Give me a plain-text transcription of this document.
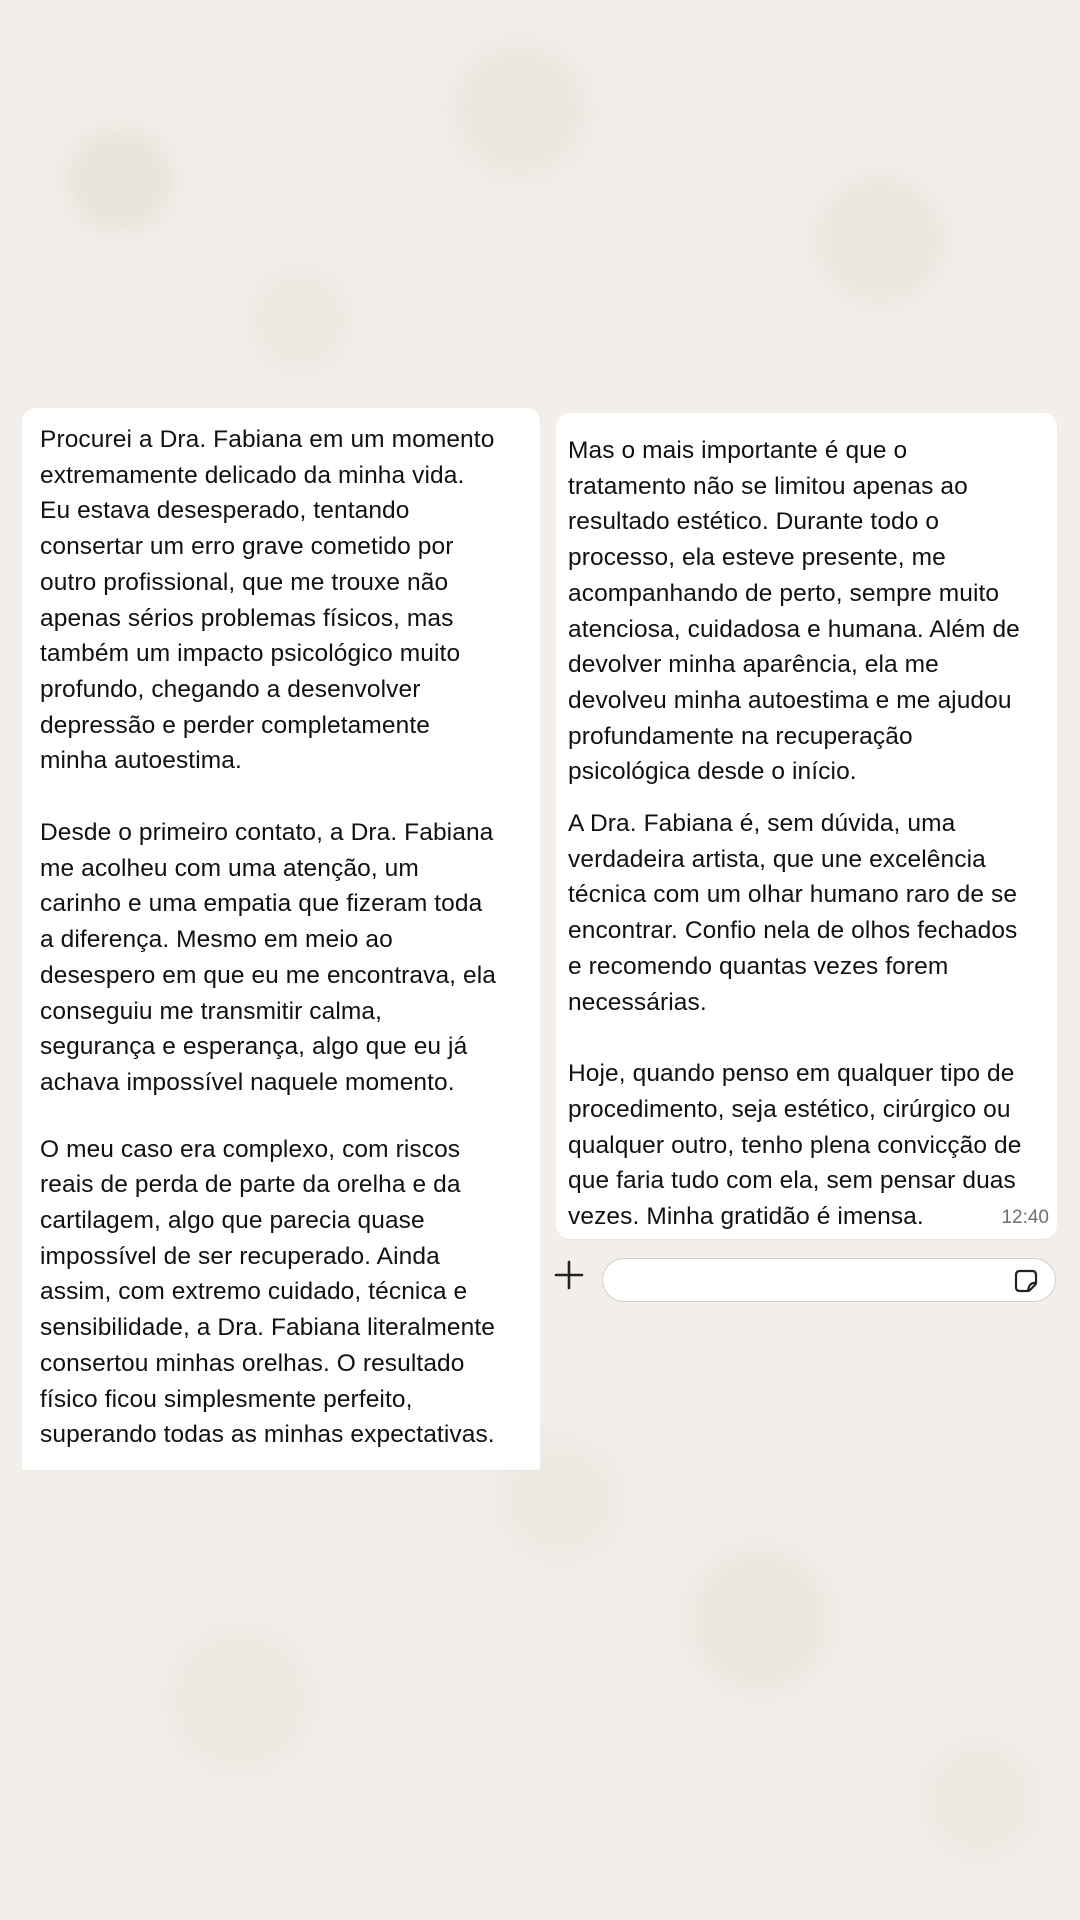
Procurei a Dra. Fabiana em um momento
extremamente delicado da minha vida.
Eu estava desesperado, tentando
consertar um erro grave cometido por
outro profissional, que me trouxe não
apenas sérios problemas físicos, mas
também um impacto psicológico muito
profundo, chegando a desenvolver
depressão e perder completamente
minha autoestima.

Desde o primeiro contato, a Dra. Fabiana
me acolheu com uma atenção, um
carinho e uma empatia que fizeram toda
a diferença. Mesmo em meio ao
desespero em que eu me encontrava, ela
conseguiu me transmitir calma,
segurança e esperança, algo que eu já
achava impossível naquele momento.

O meu caso era complexo, com riscos
reais de perda de parte da orelha e da
cartilagem, algo que parecia quase
impossível de ser recuperado. Ainda
assim, com extremo cuidado, técnica e
sensibilidade, a Dra. Fabiana literalmente
consertou minhas orelhas. O resultado
físico ficou simplesmente perfeito,
superando todas as minhas expectativas.

Mas o mais importante é que o
tratamento não se limitou apenas ao
resultado estético. Durante todo o
processo, ela esteve presente, me
acompanhando de perto, sempre muito
atenciosa, cuidadosa e humana. Além de
devolver minha aparência, ela me
devolveu minha autoestima e me ajudou
profundamente na recuperação
psicológica desde o início.

A Dra. Fabiana é, sem dúvida, uma
verdadeira artista, que une excelência
técnica com um olhar humano raro de se
encontrar. Confio nela de olhos fechados
e recomendo quantas vezes forem
necessárias.

Hoje, quando penso em qualquer tipo de
procedimento, seja estético, cirúrgico ou
qualquer outro, tenho plena convicção de
que faria tudo com ela, sem pensar duas
vezes. Minha gratidão é imensa.	12:40
